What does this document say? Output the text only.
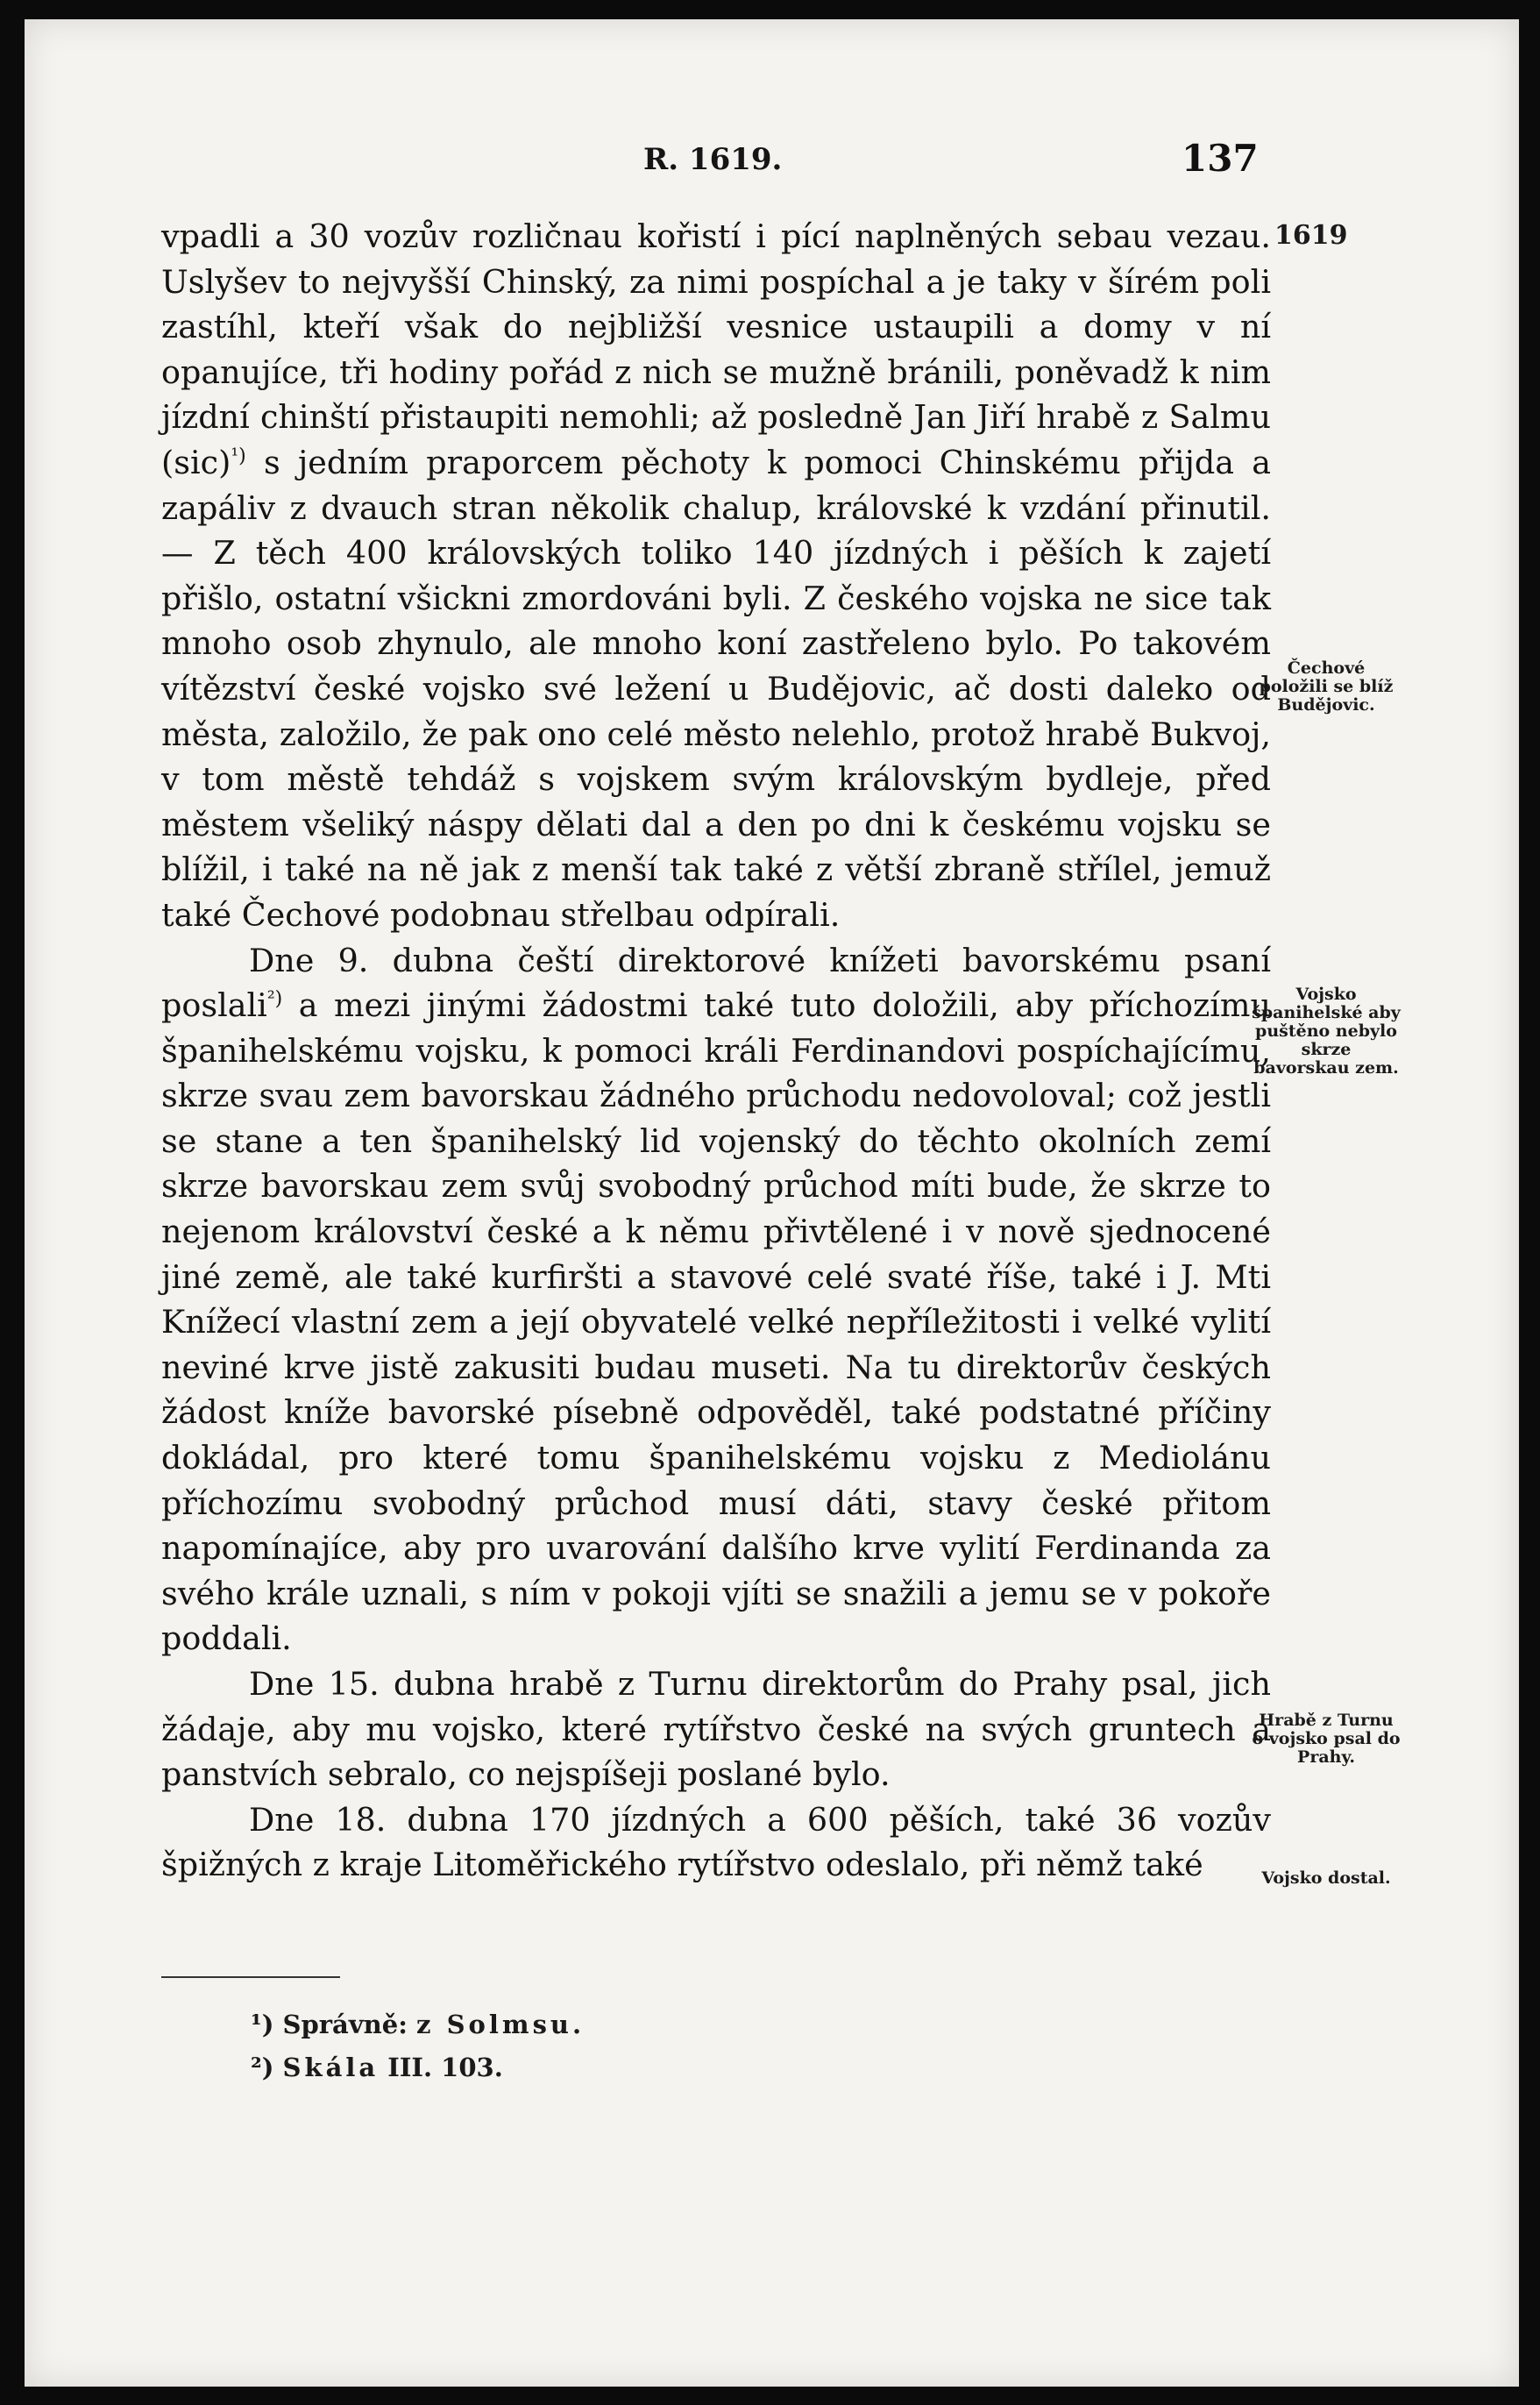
R. 1619.	137

vpadli a 30 vozův rozličnau kořistí i pící naplněných sebau vezau. Uslyšev to nejvyšší Chinský, za nimi pospíchal a je taky v šírém poli zastíhl, kteří však do nejbližší vesnice ustaupili a domy v ní opanujíce, tři hodiny pořád z nich se mužně bránili, poněvadž k nim jízdní chinští přistaupiti nemohli; až posledně Jan Jiří hrabě z Salmu (sic)$^{^1)}$ s jedním praporcem pěchoty k pomoci Chinskému přijda a zapáliv z dvauch stran několik chalup, královské k vzdání přinutil. — Z těch 400 královských toliko 140 jízdných i pěších k zajetí přišlo, ostatní všickni zmordováni byli. Z českého vojska ne sice tak mnoho osob zhynulo, ale mnoho koní zastřeleno bylo. Po takovém vítězství české vojsko své ležení u Budějovic, ač dosti daleko od města, založilo, že pak ono celé město nelehlo, protož hrabě Bukvoj, v tom městě tehdáž s vojskem svým královským bydleje, před městem všeliký náspy dělati dal a den po dni k českému vojsku se blížil, i také na ně jak z menší tak také z větší zbraně střílel, jemuž také Čechové podobnau střelbau odpírali.

Dne 9. dubna čeští direktorové knížeti bavorskému psaní poslali$^{^2)}$ a mezi jinými žádostmi také tuto doložili, aby příchozímu španihelskému vojsku, k pomoci králi Ferdinandovi pospíchajícímu, skrze svau zem bavorskau žádného průchodu nedovoloval; což jestli se stane a ten španihelský lid vojenský do těchto okolních zemí skrze bavorskau zem svůj svobodný průchod míti bude, že skrze to nejenom království české a k němu přivtělené i v nově sjednocené jiné země, ale také kurfiršti a stavové celé svaté říše, také i J. Mti Knížecí vlastní zem a její obyvatelé velké nepříležitosti i velké vylití neviné krve jistě zakusiti budau museti. Na tu direktorův českých žádost kníže bavorské písebně odpověděl, také podstatné příčiny dokládal, pro které tomu španihelskému vojsku z Mediolánu příchozímu svobodný průchod musí dáti, stavy české přitom napomínajíce, aby pro uvarování dalšího krve vylití Ferdinanda za svého krále uznali, s ním v pokoji vjíti se snažili a jemu se v pokoře poddali.

Dne 15. dubna hrabě z Turnu direktorům do Prahy psal, jich žádaje, aby mu vojsko, které rytířstvo české na svých gruntech a panstvích sebralo, co nejspíšeji poslané bylo.

Dne 18. dubna 170 jízdných a 600 pěších, také 36 vozův špižných z kraje Litoměřického rytířstvo odeslalo, při němž také

1619
Čechové položili se blíž Budějovic.
Vojsko španihelské aby puštěno nebylo skrze bavorskau zem.
Hrabě z Turnu o vojsko psal do Prahy.
Vojsko dostal.
¹) Správně: z Solmsu.
²) Skála III. 103.
